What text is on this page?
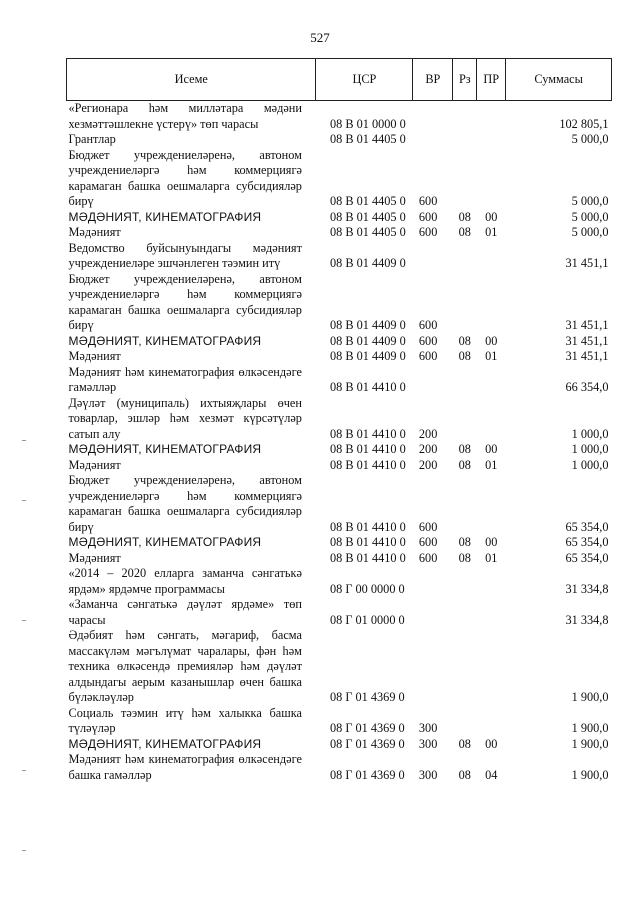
527
Исеме	ЦСР	ВР	Рз	ПР	Суммасы
«Регионара һәм милләтара мәдәни хезмәттәшлекне үстерү» төп чарасы	08 В 01 0000 0				102 805,1
Грантлар	08 В 01 4405 0				5 000,0
Бюджет учреждениеләренә, автоном учреждениеләргә һәм коммерциягә карамаган башка оешмаларга субсидияләр бирү	08 В 01 4405 0	600			5 000,0
МӘДӘНИЯТ, КИНЕМАТОГРАФИЯ	08 В 01 4405 0	600	08	00	5 000,0
Мәдәният	08 В 01 4405 0	600	08	01	5 000,0
Ведомство буйсынуындагы мәдәният учреждениеләре эшчәнлеген тәэмин итү	08 В 01 4409 0				31 451,1
Бюджет учреждениеләренә, автоном учреждениеләргә һәм коммерциягә карамаган башка оешмаларга субсидияләр бирү	08 В 01 4409 0	600			31 451,1
МӘДӘНИЯТ, КИНЕМАТОГРАФИЯ	08 В 01 4409 0	600	08	00	31 451,1
Мәдәният	08 В 01 4409 0	600	08	01	31 451,1
Мәдәният һәм кинематография өлкәсендәге гамәлләр	08 В 01 4410 0				66 354,0
Дәүләт (муниципаль) ихтыяҗлары өчен товарлар, эшләр һәм хезмәт күрсәтүләр сатып алу	08 В 01 4410 0	200			1 000,0
МӘДӘНИЯТ, КИНЕМАТОГРАФИЯ	08 В 01 4410 0	200	08	00	1 000,0
Мәдәният	08 В 01 4410 0	200	08	01	1 000,0
Бюджет учреждениеләренә, автоном учреждениеләргә һәм коммерциягә карамаган башка оешмаларга субсидияләр бирү	08 В 01 4410 0	600			65 354,0
МӘДӘНИЯТ, КИНЕМАТОГРАФИЯ	08 В 01 4410 0	600	08	00	65 354,0
Мәдәният	08 В 01 4410 0	600	08	01	65 354,0
«2014 – 2020 елларга заманча сәнгатькә ярдәм» ярдәмче программасы	08 Г 00 0000 0				31 334,8
«Заманча сәнгатькә дәүләт ярдәме» төп чарасы	08 Г 01 0000 0				31 334,8
Әдәбият һәм сәнгать, мәгариф, басма массакүләм мәгълүмат чаралары, фән һәм техника өлкәсендә премияләр һәм дәүләт алдындагы аерым казанышлар өчен башка бүләкләүләр	08 Г 01 4369 0				1 900,0
Социаль тәэмин итү һәм халыкка башка түләүләр	08 Г 01 4369 0	300			1 900,0
МӘДӘНИЯТ, КИНЕМАТОГРАФИЯ	08 Г 01 4369 0	300	08	00	1 900,0
Мәдәният һәм кинематография өлкәсендәге башка гамәлләр	08 Г 01 4369 0	300	08	04	1 900,0
